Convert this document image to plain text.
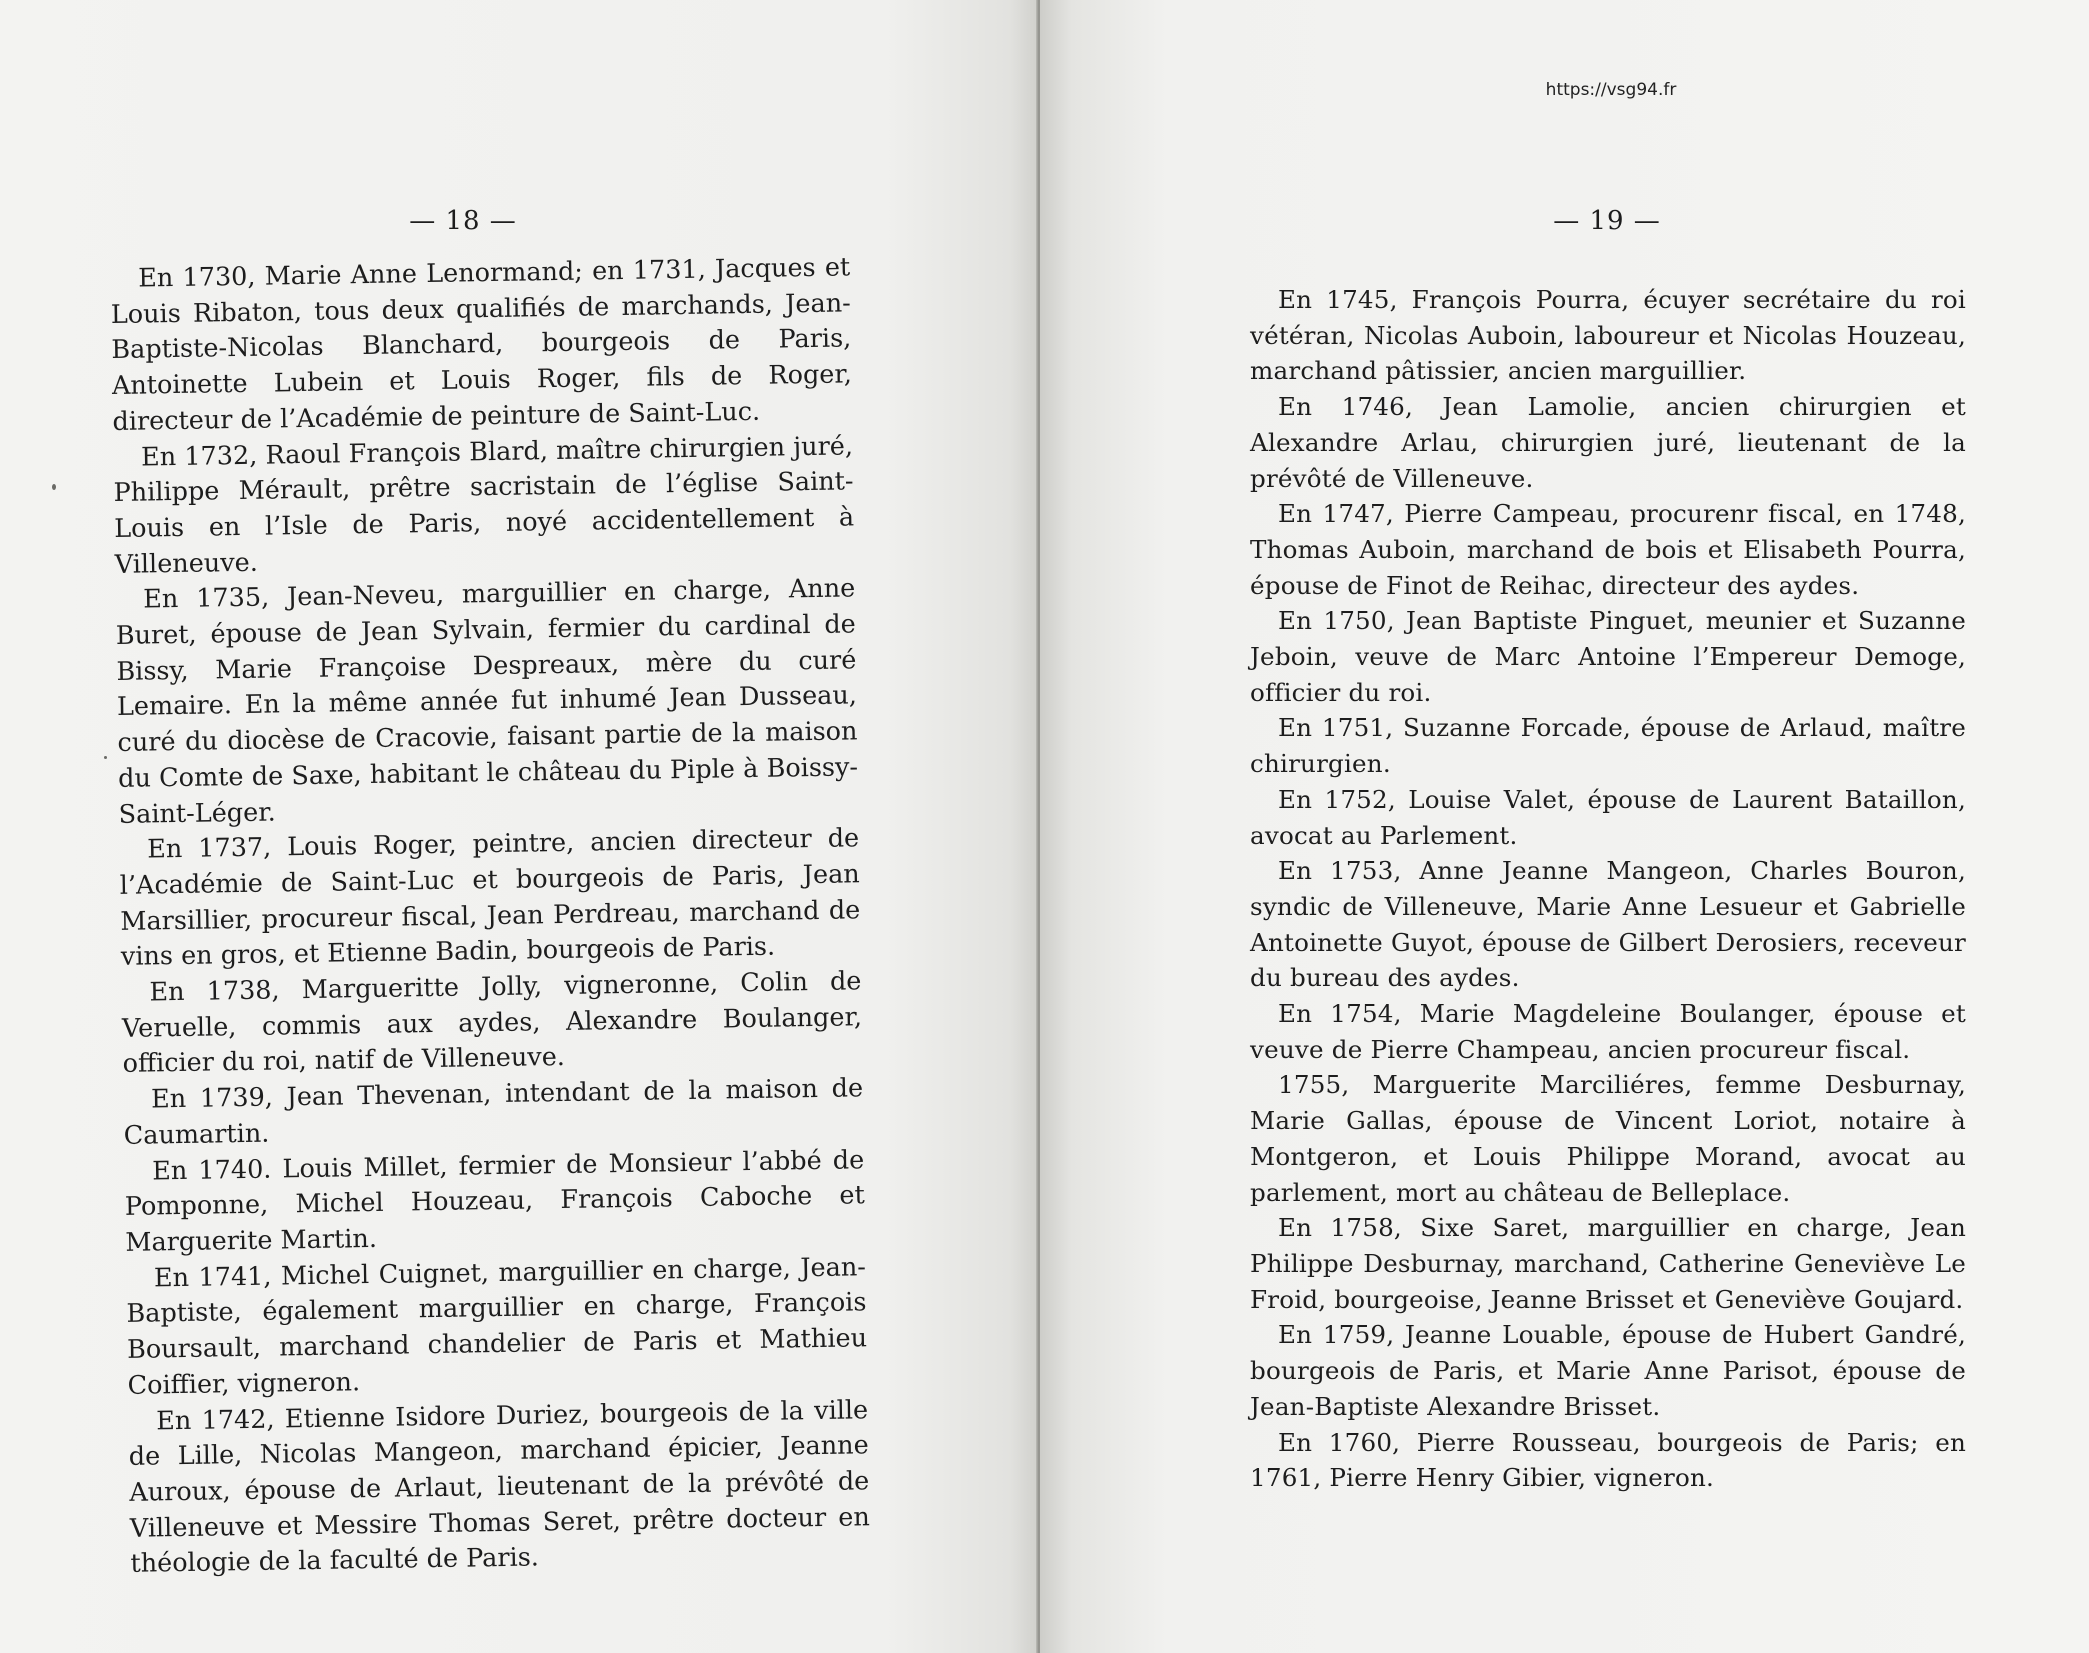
— 18 —

En 1730, Marie Anne Lenormand; en 1731, Jacques et Louis Ribaton, tous deux qualifiés de marchands, Jean-Baptiste-Nicolas Blanchard, bourgeois de Paris, Antoinette Lubein et Louis Roger, fils de Roger, directeur de l’Académie de peinture de Saint-Luc.

En 1732, Raoul François Blard, maître chirurgien juré, Philippe Mérault, prêtre sacristain de l’église Saint-Louis en l’Isle de Paris, noyé accidentellement à Villeneuve.

En 1735, Jean-Neveu, marguillier en charge, Anne Buret, épouse de Jean Sylvain, fermier du cardinal de Bissy, Marie Françoise Despreaux, mère du curé Lemaire. En la même année fut inhumé Jean Dusseau, curé du diocèse de Cracovie, faisant partie de la maison du Comte de Saxe, habitant le château du Piple à Boissy-Saint-Léger.

En 1737, Louis Roger, peintre, ancien directeur de l’Académie de Saint-Luc et bourgeois de Paris, Jean Marsillier, procureur fiscal, Jean Perdreau, marchand de vins en gros, et Etienne Badin, bourgeois de Paris.

En 1738, Margueritte Jolly, vigneronne, Colin de Veruelle, commis aux aydes, Alexandre Boulanger, officier du roi, natif de Villeneuve.

En 1739, Jean Thevenan, intendant de la maison de Caumartin.

En 1740. Louis Millet, fermier de Monsieur l’abbé de Pomponne, Michel Houzeau, François Caboche et Marguerite Martin.

En 1741, Michel Cuignet, marguillier en charge, Jean-Baptiste, également marguillier en charge, François Boursault, marchand chandelier de Paris et Mathieu Coiffier, vigneron.

En 1742, Etienne Isidore Duriez, bourgeois de la ville de Lille, Nicolas Mangeon, marchand épicier, Jeanne Auroux, épouse de Arlaut, lieutenant de la prévôté de Villeneuve et Messire Thomas Seret, prêtre docteur en théologie de la faculté de Paris.

https://vsg94.fr
— 19 —

En 1745, François Pourra, écuyer secrétaire du roi vétéran, Nicolas Auboin, laboureur et Nicolas Houzeau, marchand pâtissier, ancien marguillier.

En 1746, Jean Lamolie, ancien chirurgien et Alexandre Arlau, chirurgien juré, lieutenant de la prévôté de Villeneuve.

En 1747, Pierre Campeau, procurenr fiscal, en 1748, Thomas Auboin, marchand de bois et Elisabeth Pourra, épouse de Finot de Reihac, directeur des aydes.

En 1750, Jean Baptiste Pinguet, meunier et Suzanne Jeboin, veuve de Marc Antoine l’Empereur Demoge, officier du roi.

En 1751, Suzanne Forcade, épouse de Arlaud, maître chirurgien.

En 1752, Louise Valet, épouse de Laurent Bataillon, avocat au Parlement.

En 1753, Anne Jeanne Mangeon, Charles Bouron, syndic de Villeneuve, Marie Anne Lesueur et Gabrielle Antoinette Guyot, épouse de Gilbert Derosiers, receveur du bureau des aydes.

En 1754, Marie Magdeleine Boulanger, épouse et veuve de Pierre Champeau, ancien procureur fiscal.

1755, Marguerite Marciliéres, femme Desburnay, Marie Gallas, épouse de Vincent Loriot, notaire à Montgeron, et Louis Philippe Morand, avocat au parlement, mort au château de Belleplace.

En 1758, Sixe Saret, marguillier en charge, Jean Philippe Desburnay, marchand, Catherine Geneviève Le Froid, bourgeoise, Jeanne Brisset et Geneviève Goujard.

En 1759, Jeanne Louable, épouse de Hubert Gandré, bourgeois de Paris, et Marie Anne Parisot, épouse de Jean-Baptiste Alexandre Brisset.

En 1760, Pierre Rousseau, bourgeois de Paris; en 1761, Pierre Henry Gibier, vigneron.
